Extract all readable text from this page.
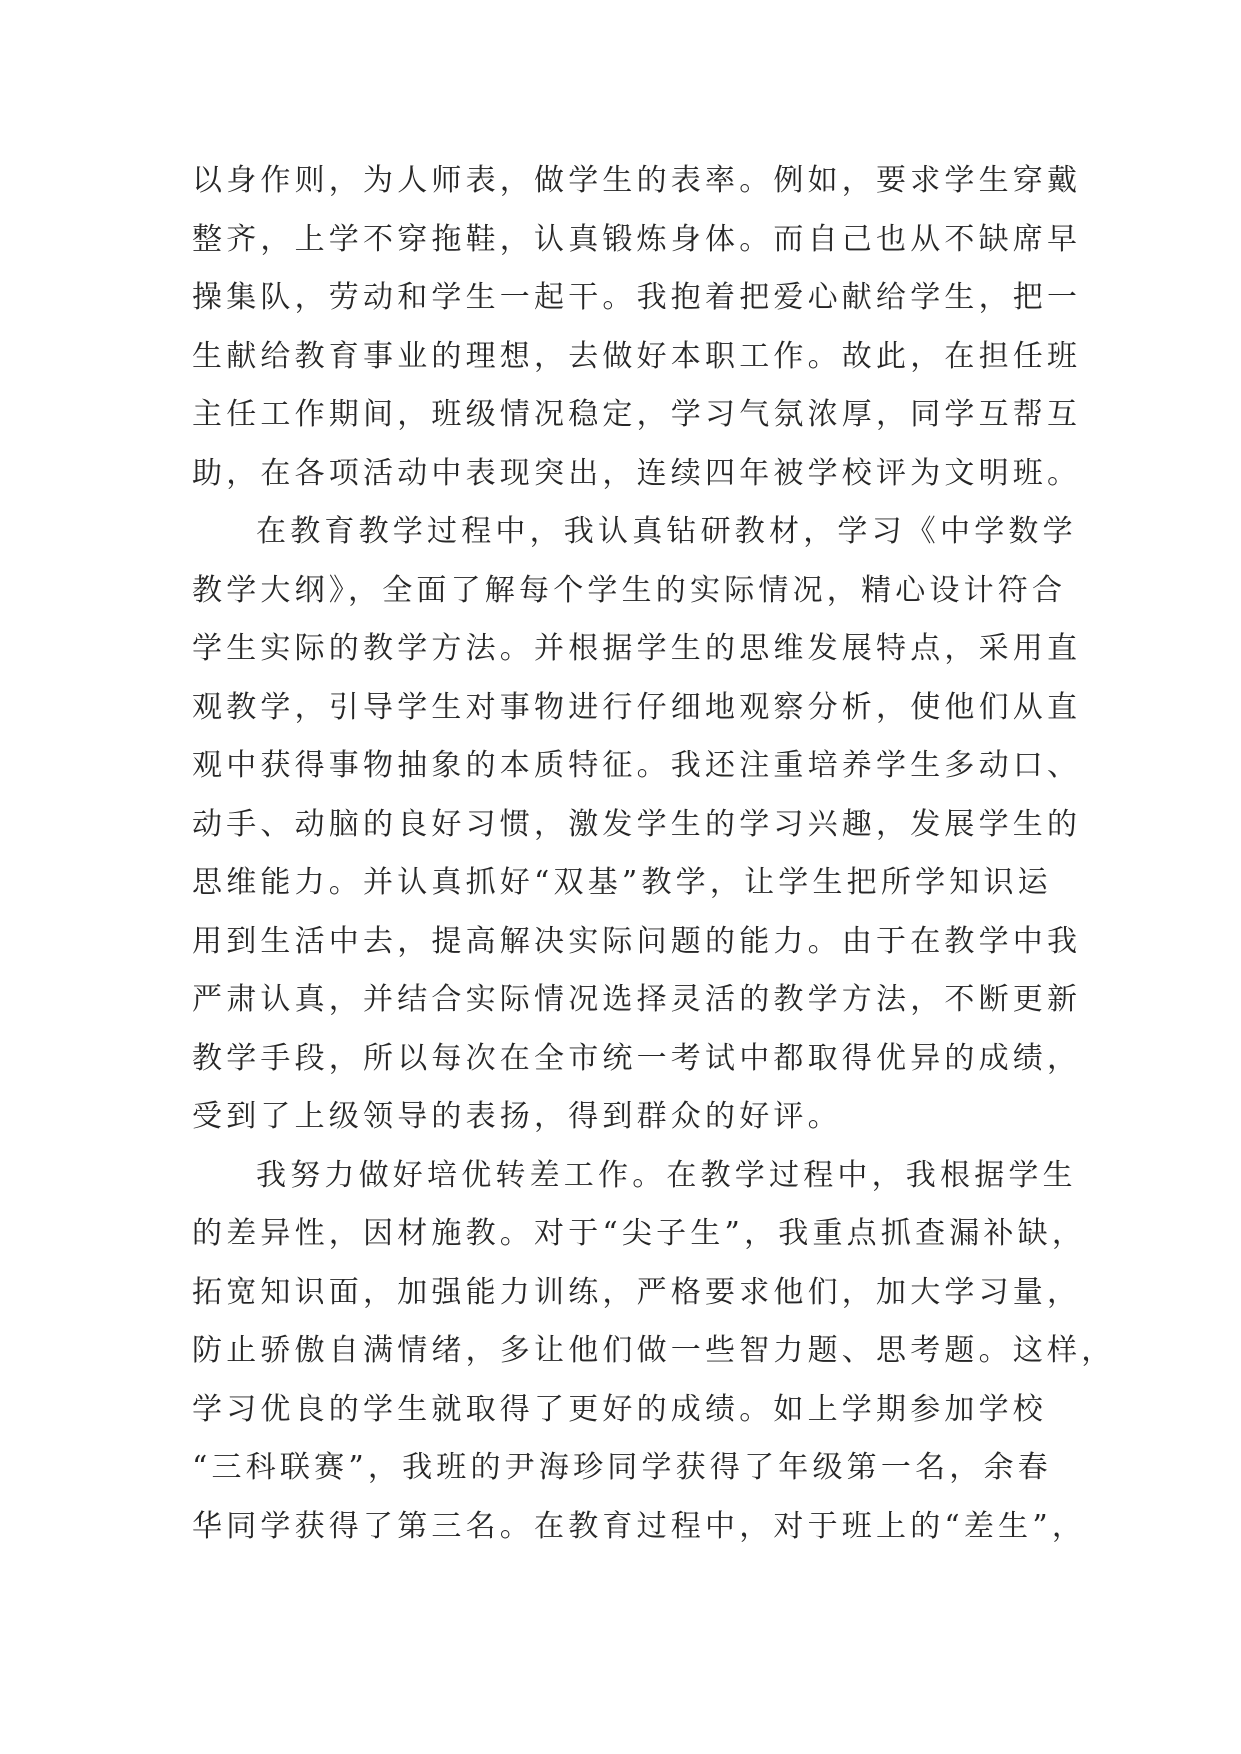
以身作则，为人师表，做学生的表率。例如，要求学生穿戴
整齐，上学不穿拖鞋，认真锻炼身体。而自己也从不缺席早
操集队，劳动和学生一起干。我抱着把爱心献给学生，把一
生献给教育事业的理想，去做好本职工作。故此，在担任班
主任工作期间，班级情况稳定，学习气氛浓厚，同学互帮互
助，在各项活动中表现突出，连续四年被学校评为文明班。
在教育教学过程中，我认真钻研教材，学习《中学数学
教学大纲》，全面了解每个学生的实际情况，精心设计符合
学生实际的教学方法。并根据学生的思维发展特点，采用直
观教学，引导学生对事物进行仔细地观察分析，使他们从直
观中获得事物抽象的本质特征。我还注重培养学生多动口、
动手、动脑的良好习惯，激发学生的学习兴趣，发展学生的
思维能力。并认真抓好“双基”教学，让学生把所学知识运
用到生活中去，提高解决实际问题的能力。由于在教学中我
严肃认真，并结合实际情况选择灵活的教学方法，不断更新
教学手段，所以每次在全市统一考试中都取得优异的成绩，
受到了上级领导的表扬，得到群众的好评。
我努力做好培优转差工作。在教学过程中，我根据学生
的差异性，因材施教。对于“尖子生”，我重点抓查漏补缺，
拓宽知识面，加强能力训练，严格要求他们，加大学习量，
防止骄傲自满情绪，多让他们做一些智力题、思考题。这样，
学习优良的学生就取得了更好的成绩。如上学期参加学校
“三科联赛”，我班的尹海珍同学获得了年级第一名，余春
华同学获得了第三名。在教育过程中，对于班上的“差生”，
